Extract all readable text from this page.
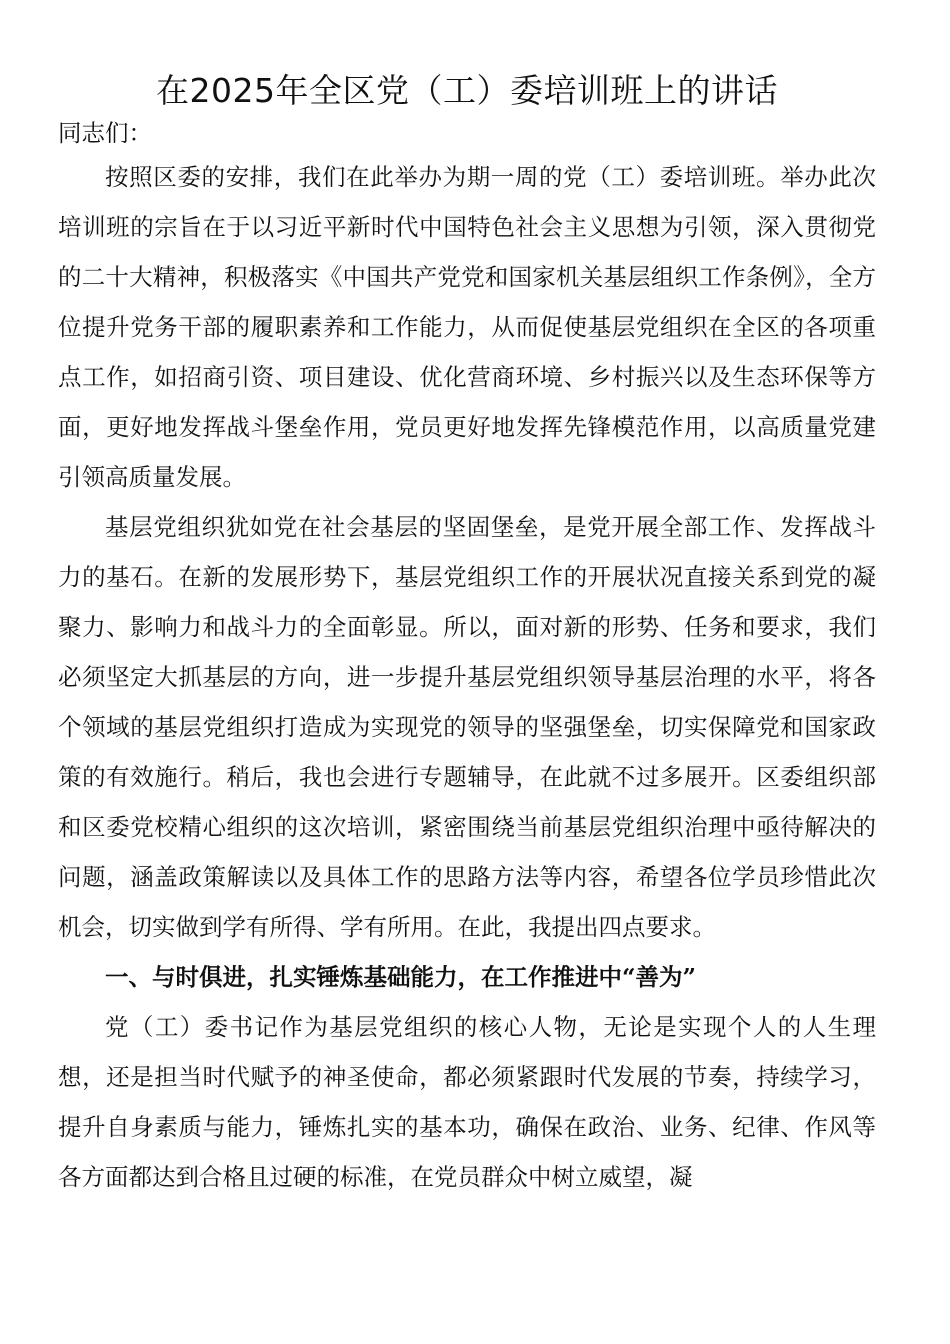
在2025年全区党（工）委培训班上的讲话

同志们：

按照区委的安排，我们在此举办为期一周的党（工）委培训班。举办此次培训班的宗旨在于以习近平新时代中国特色社会主义思想为引领，深入贯彻党的二十大精神，积极落实《中国共产党党和国家机关基层组织工作条例》，全方位提升党务干部的履职素养和工作能力，从而促使基层党组织在全区的各项重点工作，如招商引资、项目建设、优化营商环境、乡村振兴以及生态环保等方面，更好地发挥战斗堡垒作用，党员更好地发挥先锋模范作用，以高质量党建引领高质量发展。

基层党组织犹如党在社会基层的坚固堡垒，是党开展全部工作、发挥战斗力的基石。在新的发展形势下，基层党组织工作的开展状况直接关系到党的凝聚力、影响力和战斗力的全面彰显。所以，面对新的形势、任务和要求，我们必须坚定大抓基层的方向，进一步提升基层党组织领导基层治理的水平，将各个领域的基层党组织打造成为实现党的领导的坚强堡垒，切实保障党和国家政策的有效施行。稍后，我也会进行专题辅导，在此就不过多展开。区委组织部和区委党校精心组织的这次培训，紧密围绕当前基层党组织治理中亟待解决的问题，涵盖政策解读以及具体工作的思路方法等内容，希望各位学员珍惜此次机会，切实做到学有所得、学有所用。在此，我提出四点要求。

一、与时俱进，扎实锤炼基础能力，在工作推进中“善为”

党（工）委书记作为基层党组织的核心人物，无论是实现个人的人生理想，还是担当时代赋予的神圣使命，都必须紧跟时代发展的节奏，持续学习，提升自身素质与能力，锤炼扎实的基本功，确保在政治、业务、纪律、作风等各方面都达到合格且过硬的标准，在党员群众中树立威望，凝
